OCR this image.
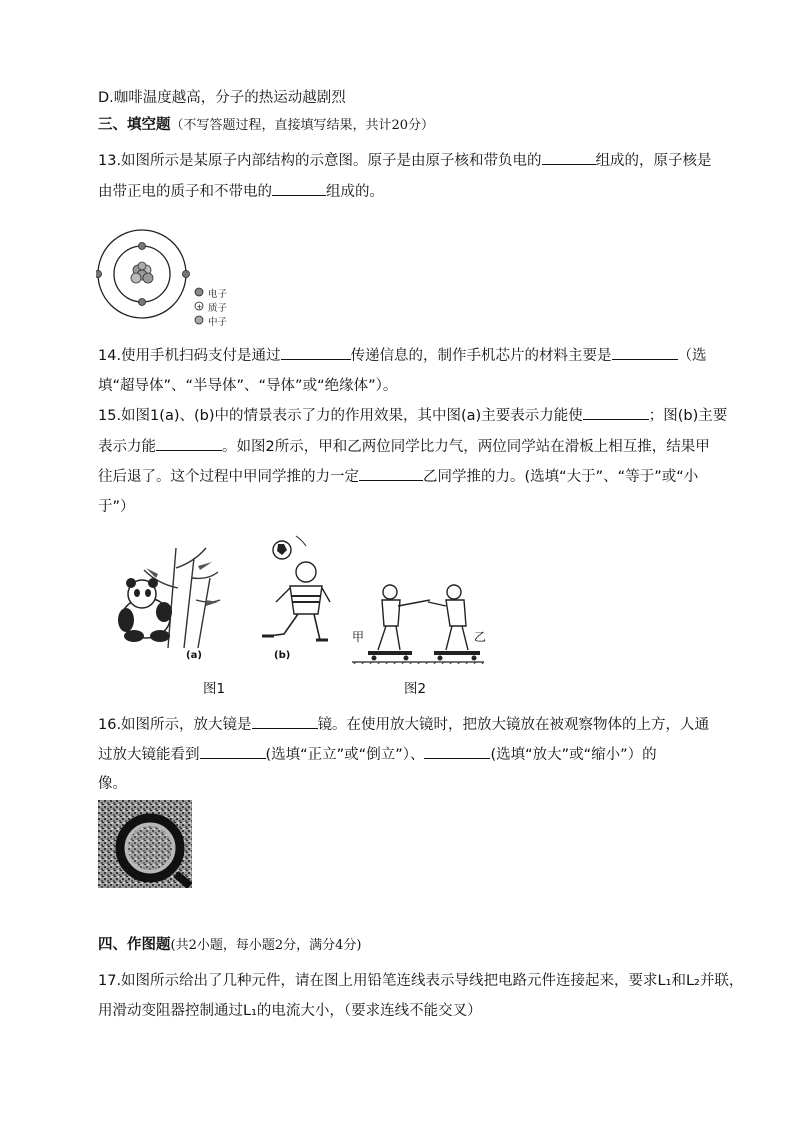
D.咖啡温度越高，分子的热运动越剧烈
三、填空题（不写答题过程，直接填写结果，共计20分）
13.如图所示是某原子内部结构的示意图。原子是由原子核和带负电的	组成的，原子核是
由带正电的质子和不带电的	组成的。
+
电子
质子
中子
14.使用手机扫码支付是通过	传递信息的，制作手机芯片的材料主要是	（选
填“超导体”、“半导体”、“导体”或“绝缘体”）。
15.如图1(a)、(b)中的情景表示了力的作用效果，其中图(a)主要表示力能使	；图(b)主要
表示力能	。如图2所示，甲和乙两位同学比力气，两位同学站在滑板上相互推，结果甲
往后退了。这个过程中甲同学推的力一定	乙同学推的力。(选填“大于”、“等于”或“小
于”）
(a)	(b)
甲	乙
图1	图2
16.如图所示，放大镜是	镜。在使用放大镜时，把放大镜放在被观察物体的上方，人通
过放大镜能看到	(选填“正立”或“倒立”）、	(选填“放大”或“缩小”）的
像。
四、作图题(共2小题，每小题2分，满分4分)
17.如图所示给出了几种元件，请在图上用铅笔连线表示导线把电路元件连接起来，要求L₁和L₂并联，
用滑动变阻器控制通过L₁的电流大小，（要求连线不能交叉）
